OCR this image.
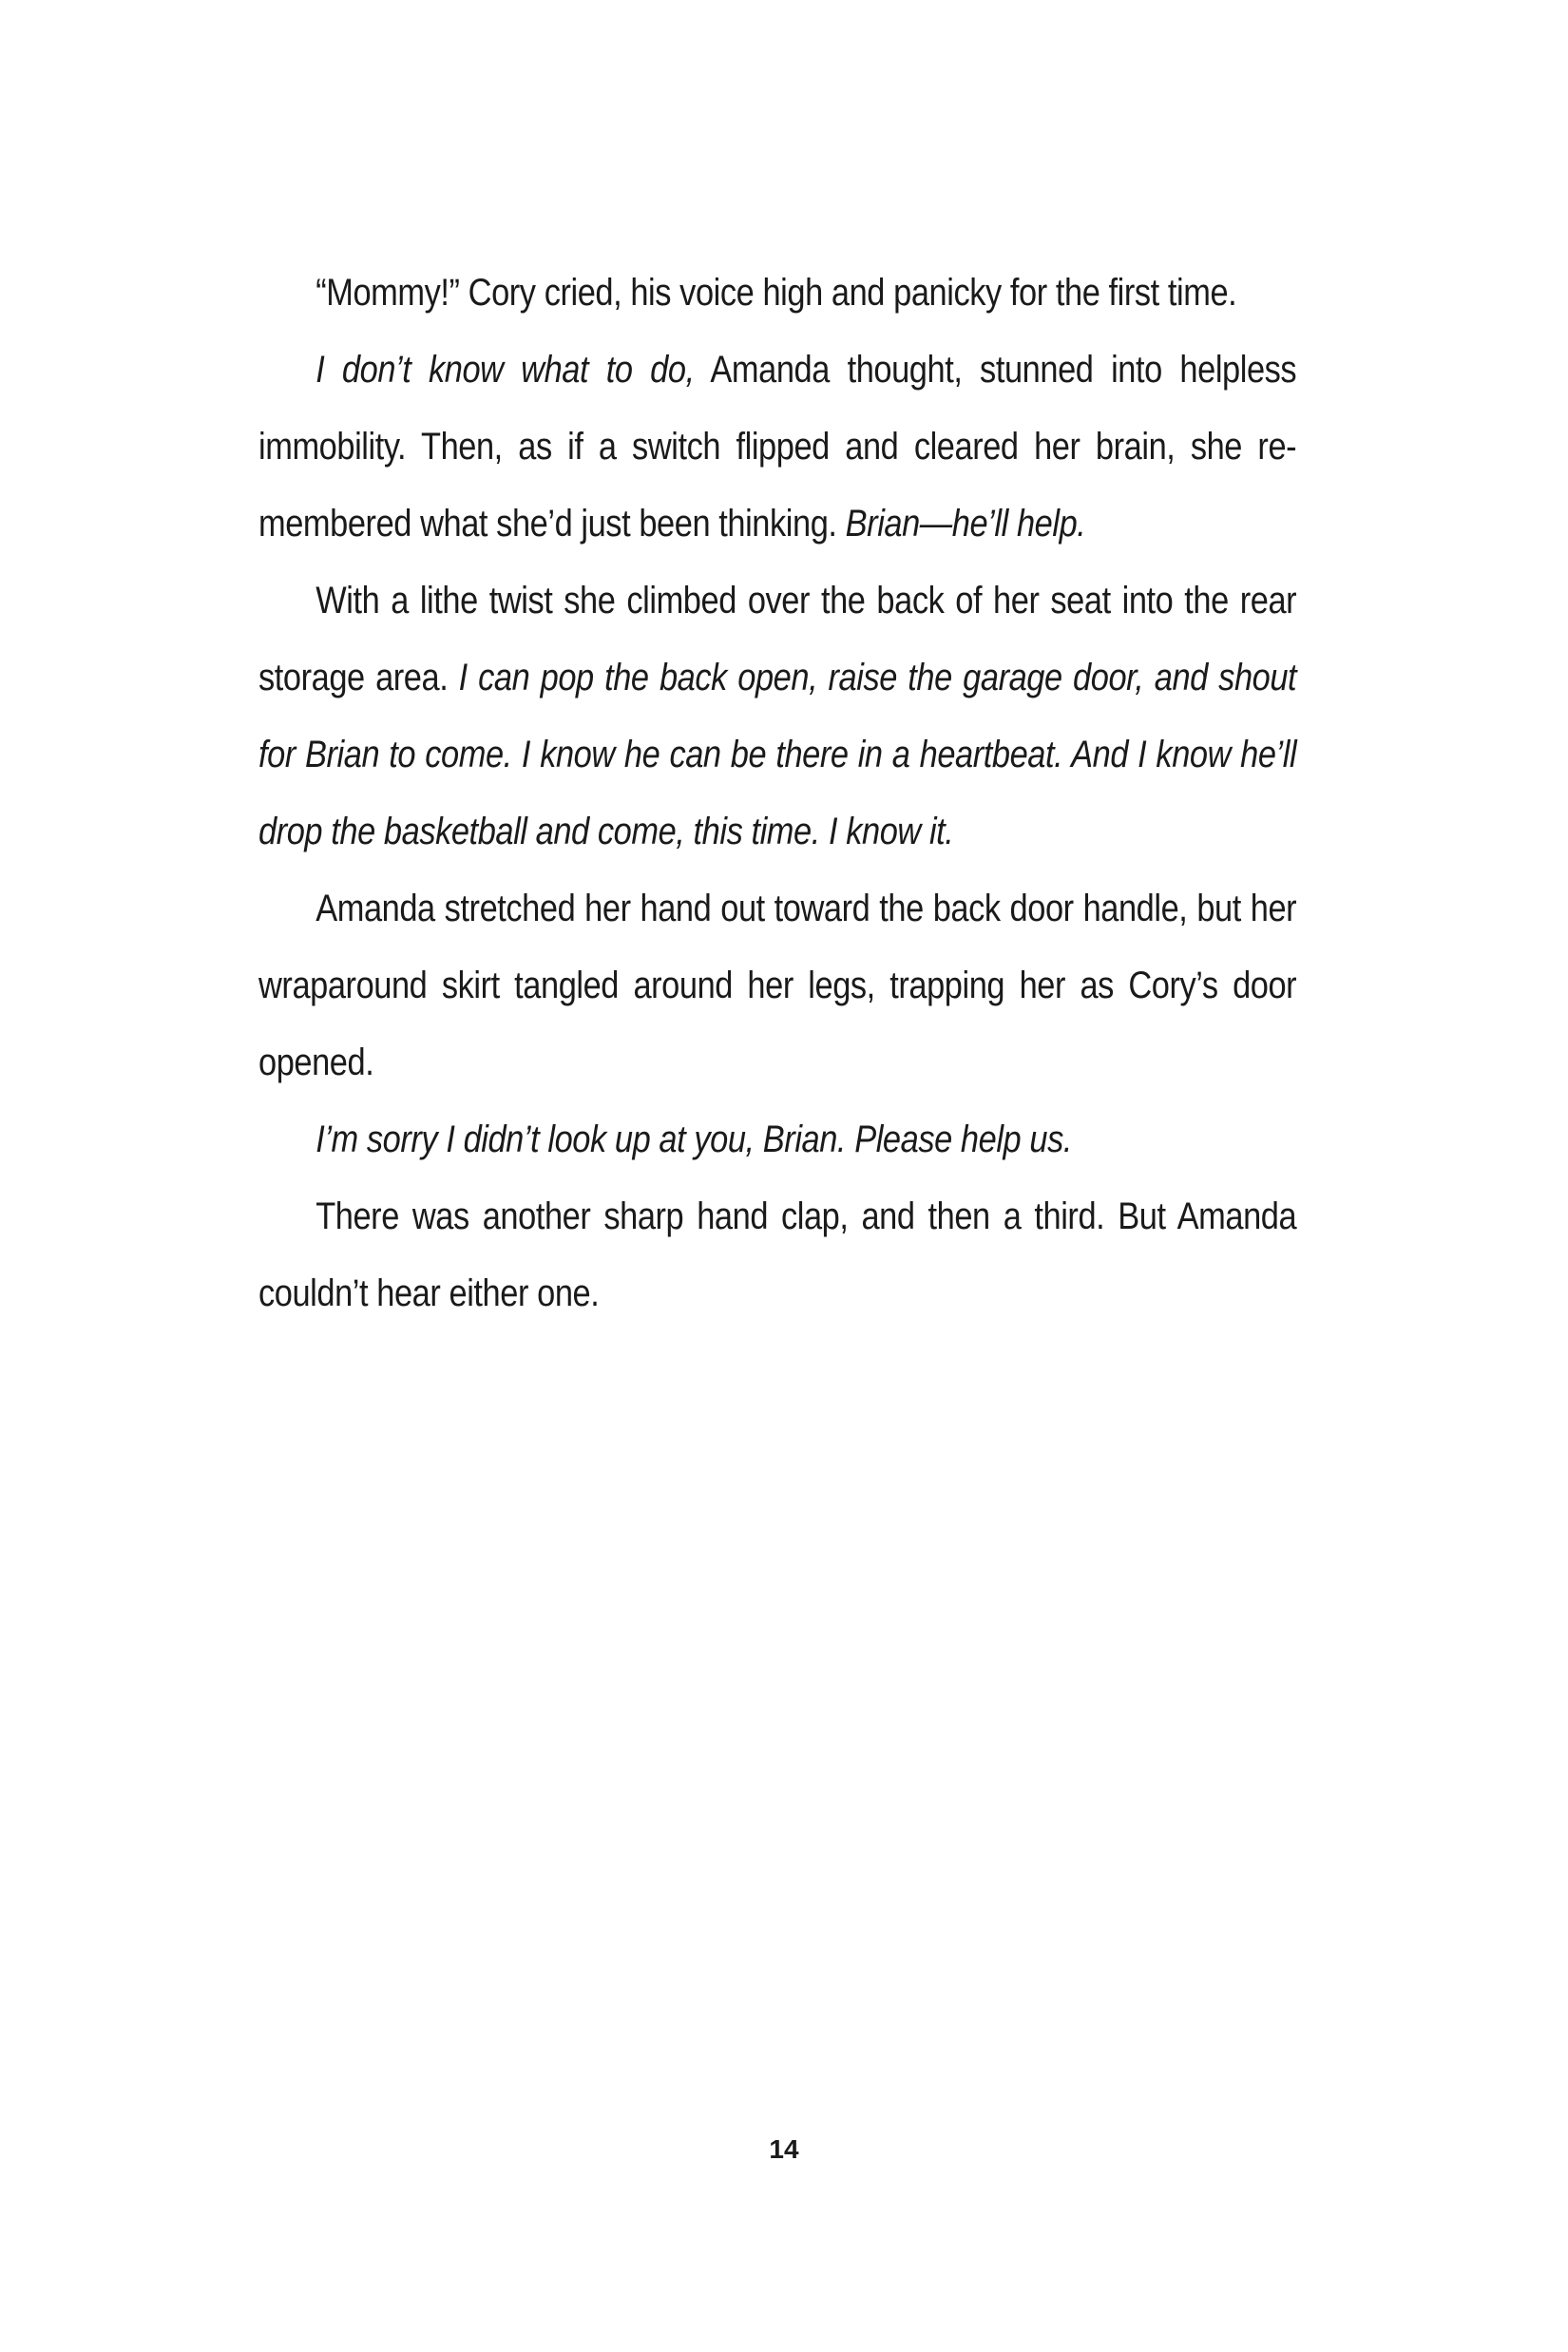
“Mommy!” Cory cried, his voice high and panicky for the first time.

I don’t know what to do, Amanda thought, stunned into helpless immobility. Then, as if a switch flipped and cleared her brain, she re-membered what she’d just been thinking. Brian—he’ll help.

With a lithe twist she climbed over the back of her seat into the rear storage area. I can pop the back open, raise the garage door, and shout for Brian to come. I know he can be there in a heartbeat. And I know he’ll drop the basketball and come, this time. I know it.

Amanda stretched her hand out toward the back door handle, but her wraparound skirt tangled around her legs, trapping her as Cory’s door opened.

I’m sorry I didn’t look up at you, Brian. Please help us.

There was another sharp hand clap, and then a third. But Amanda couldn’t hear either one.

14
